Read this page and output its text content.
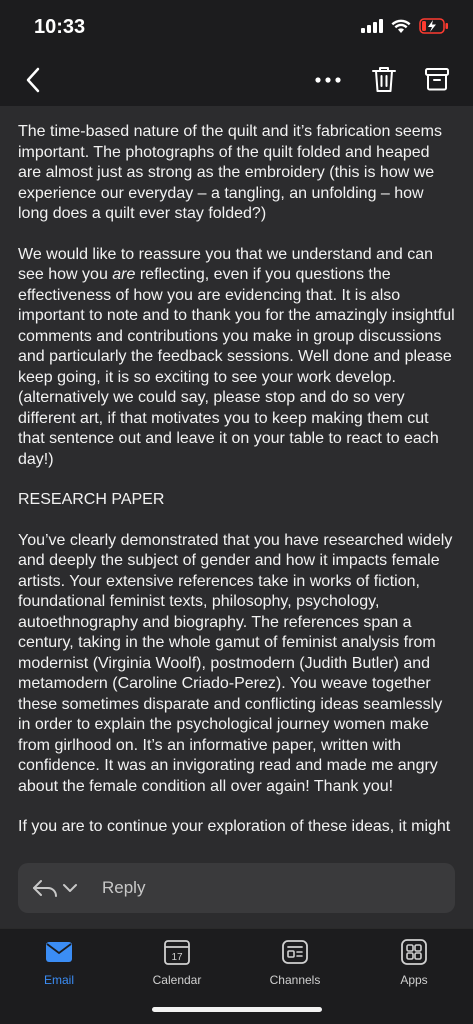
10:33

The time-based nature of the quilt and it’s fabrication seems important. The photographs of the quilt folded and heaped are almost just as strong as the embroidery (this is how we experience our everyday – a tangling, an unfolding – how long does a quilt ever stay folded?)

We would like to reassure you that we understand and can see how you are reflecting, even if you questions the effectiveness of how you are evidencing that. It is also important to note and to thank you for the amazingly insightful comments and contributions you make in group discussions and particularly the feedback sessions. Well done and please keep going, it is so exciting to see your work develop. (alternatively we could say, please stop and do so very different art, if that motivates you to keep making them cut that sentence out and leave it on your table to react to each day!)

RESEARCH PAPER

You’ve clearly demonstrated that you have researched widely and deeply the subject of gender and how it impacts female artists. Your extensive references take in works of fiction, foundational feminist texts, philosophy, psychology, autoethnography and biography. The references span a century, taking in the whole gamut of feminist analysis from modernist (Virginia Woolf), postmodern (Judith Butler) and metamodern (Caroline Criado-Perez). You weave together these sometimes disparate and conflicting ideas seamlessly in order to explain the psychological journey women make from girlhood on. It’s an informative paper, written with confidence. It was an invigorating read and made me angry about the female condition all over again! Thank you!

If you are to continue your exploration of these ideas, it might

Reply
Email
17
Calendar	Channels	Apps
